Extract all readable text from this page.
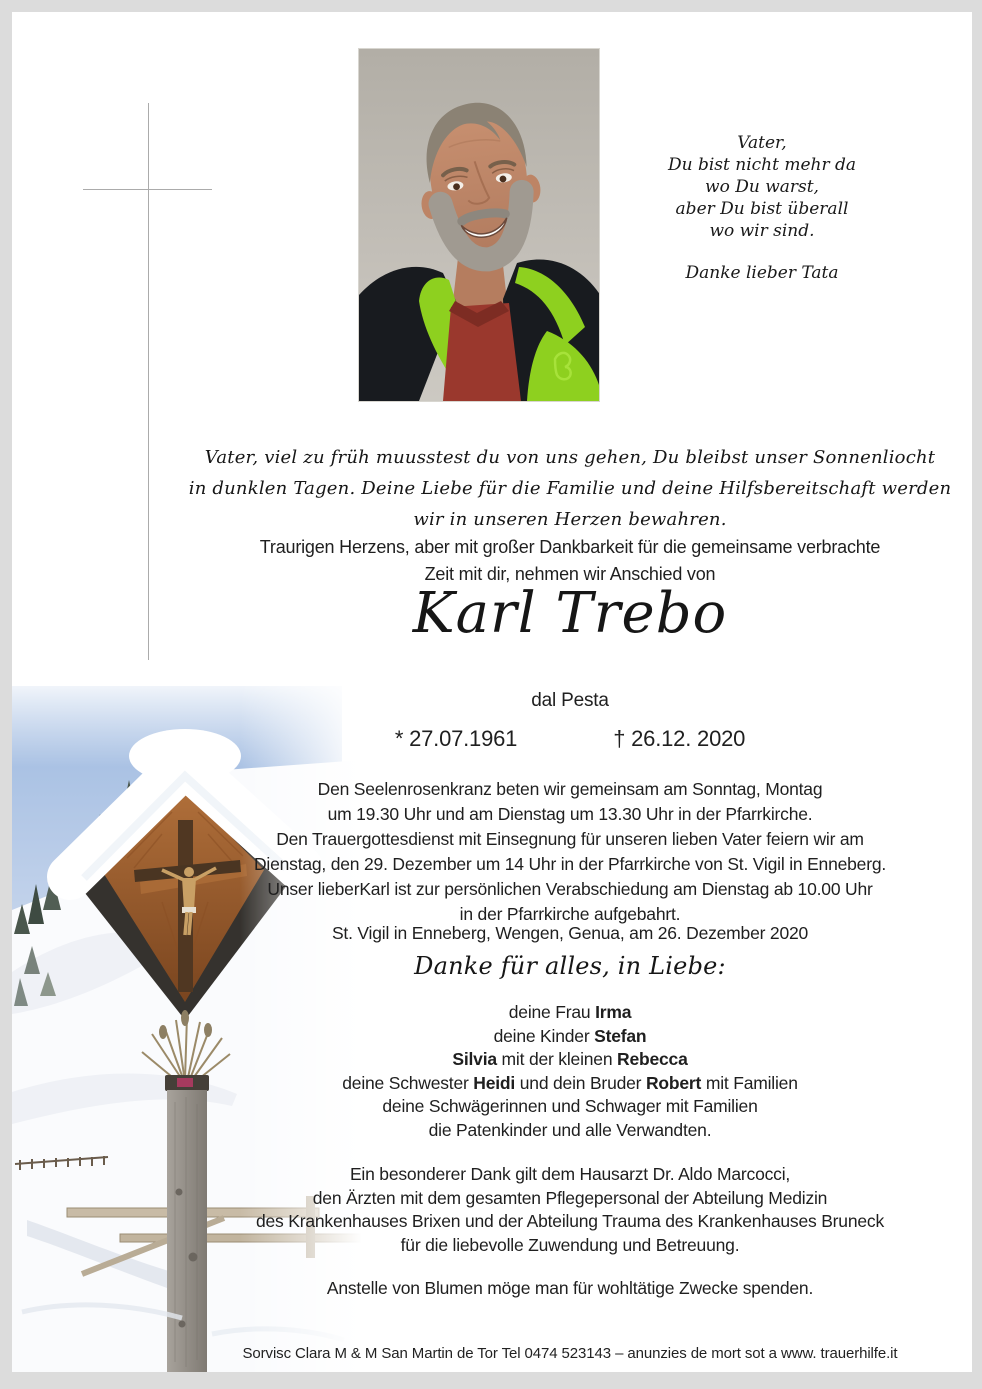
Vater,
Du bist nicht mehr da
wo Du warst,
aber Du bist überall
wo wir sind.
Danke lieber Tata
Vater, viel zu früh muusstest du von uns gehen, Du bleibst unser Sonnenliocht
in dunklen Tagen. Deine Liebe für die Familie und deine Hilfsbereitschaft werden
wir in unseren Herzen bewahren.
Traurigen Herzens, aber mit großer Dankbarkeit für die gemeinsame verbrachte
Zeit mit dir, nehmen wir Anschied von
Karl Trebo
dal Pesta
* 27.07.1961	† 26.12. 2020
Den Seelenrosenkranz beten wir gemeinsam am Sonntag, Montag
um 19.30 Uhr und am Dienstag um 13.30 Uhr in der Pfarrkirche.
Den Trauergottesdienst mit Einsegnung für unseren lieben Vater feiern wir am
Dienstag, den 29. Dezember um 14 Uhr in der Pfarrkirche von St. Vigil in Enneberg.
Unser lieberKarl ist zur persönlichen Verabschiedung am Dienstag ab 10.00 Uhr
in der Pfarrkirche aufgebahrt.
St. Vigil in Enneberg, Wengen, Genua, am 26. Dezember 2020
Danke für alles, in Liebe:
deine Frau Irma
deine Kinder Stefan
Silvia mit der kleinen Rebecca
deine Schwester Heidi und dein Bruder Robert mit Familien
deine Schwägerinnen und Schwager mit Familien
die Patenkinder und alle Verwandten.
Ein besonderer Dank gilt dem Hausarzt Dr. Aldo Marcocci,
den Ärzten mit dem gesamten Pflegepersonal der Abteilung Medizin
des Krankenhauses Brixen und der Abteilung Trauma des Krankenhauses Bruneck
für die liebevolle Zuwendung und Betreuung.
Anstelle von Blumen möge man für wohltätige Zwecke spenden.
Sorvisc Clara M & M San Martin de Tor Tel 0474 523143 – anunzies de mort sot a www. trauerhilfe.it
